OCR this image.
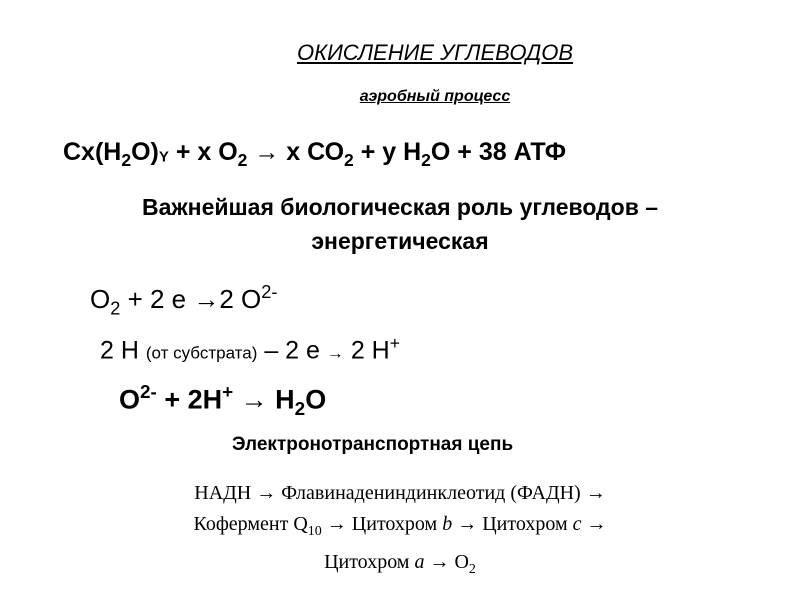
ОКИСЛЕНИЕ УГЛЕВОДОВ
аэробный процесс
$Сх(Н_2О)Y + х$ $О_2 \to х$ $СО_2 + у$ $Н_2О + 38$ АТФ
Важнейшая биологическая роль углеводов – энергетическая
$О_2 + 2$ е →2 $О^{2-}$
2 Н (от субстрата) – 2 е → 2 Н+
$О^{2-} + 2Н^+ \to Н_2О$
Электронотранспортная цепь
НАДН → Флавинадениндинклеотид (ФАДН) →
Кофермент $Q_{10}$ → Цитохром b → Цитохром c →
Цитохром $a \to О_2$
